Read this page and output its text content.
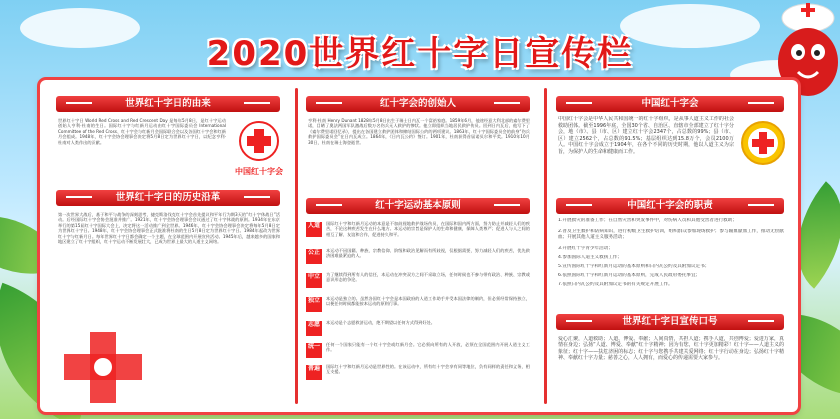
2020世界红十字日宣传栏
世界红十字日的由来
世界红十字日 World Red Cross and Red Crescent Day 是每年5月8日，是红十字运动创始人亨利·杜南的生日。国际红十字与红新月运动由红十字国际委员会 International Committee of the Red Cross、红十字会与红新月会国际联合会以及各国红十字会和红新月会组成。1948年，红十字会协会理事会决定将5月8日定为世界红十字日，以纪念亨利·杜南对人类作出的贡献。
中国红十字会
世界红十字日的历史沿革
第一次世界大战后，基于和平与战争的深刻思考，捷克斯洛伐克红十字会首先提议和平年行为期3天的“红十字休战日”活动。后经国际红十字会协会批准并推广。1921年，红十字会协会理事会会议通过了红十字休战的原则。1934年在东京举行的第15届红十字国际大会上，决定将这一活动推广到全世界。1946年，红十字会协会理事会决定将每年5月8日定为世界红十字日。1948年，红十字会协会理事会正式批准将杜南的生日5月8日定为世界红十字日。1984年起改为世界红十字与红新月日。每年世界红十字日都会确定一个主题，在全球范围内开展宣传活动。1945年后，越来越多的国家和地区建立了红十字组织，红十字运动不断发展壮大，已成为世界上最大的人道主义网络。
红十字会的创始人
亨利·杜南 Henry Dunant 1828年5月8日出生于瑞士日内瓦一个富裕家庭。1859年6月，他途经意大利北部的索尔费里诺，目睹了奥法两国军队激战后数万名伤兵无人救护的惨状。他立即组织当地居民救护伤员。回到日内瓦后，他写下了《索尔费里诺回忆录》，提出在各国建立救护团体和缔结国际公约的两项建议。1863年，红十字国际委员会的前身“伤兵救护国际委员会”在日内瓦成立。1864年，《日内瓦公约》签订。1901年，杜南获得首届诺贝尔和平奖。1910年10月30日，杜南在瑞士海登逝世。
红十字运动基本原则
人道	国际红十字和红新月运动的本意是不加歧视地救护战场伤员，在国际和国内两方面，努力防止并减轻人们的疾苦，不论这种疾苦发生在什么地方。本运动的宗旨是保护人的生命和健康，保障人类尊严；促进人与人之间的相互了解、友谊和合作，促进持久和平。
公正	本运动不因国籍、种族、宗教信仰、阶级和政治见解而有所歧视，仅根据需要，努力减轻人们的疾苦，优先救济困难最紧迫的人。
中立	为了继续得到所有人的信任，本运动在冲突双方之间不采取立场，任何时候也不参与带有政治、种族、宗教或意识形态的争论。
独立	本运动是独立的。虽然各国红十字会是本国政府的人道工作助手并受本国法律的制约，但必须经常保持独立，以便任何时候都能按本运动的原则行事。
志愿	本运动是个志愿救济运动，绝不期望以任何方式得到好处。
统一	任何一个国家只能有一个红十字会或红新月会。它必须向所有的人开放，必须在全国范围内开展人道主义工作。
普遍	国际红十字和红新月运动是世界性的。在该运动中，所有红十字会享有同等地位，负有同样的责任和义务，相互支援。
中国红十字会
中国红十字会是中华人民共和国统一的红十字组织，是从事人道主义工作的社会救助团体。截至1996年底，全国30个省、自治区、直辖市全部建立了红十字分会，地（市）、县（市、区）建立红十字会2347个，占总数的99%；县（市、区）建立2562个，占总数的91.5%；基层组织达到15.8万个，会员2100万人。中国红十字会成立于1904年，在各个不同的历史时期，他以人道主义为宗旨，为保护人的生命和健康而工作。
中国红十字会的职责
1.开展救灾的准备工作；在自然灾害和突发事件中，对伤病人员和其他受害者进行救助；
2.普及卫生救护和防病知识，进行初级卫生救护培训，组织群众参加现场救护；参与输血献血工作，推动无偿献血；开展其他人道主义服务活动；
3.开展红十字青少年活动；
4.参加国际人道主义救援工作；
5.宣传国际红十字和红新月运动的基本原则和日内瓦公约及其附加议定书；
6.依照国际红十字和红新月运动的基本原则，完成人民政府委托事宜；
7.依照日内瓦公约及其附加议定书的有关规定开展工作。
世界红十字日宣传口号
爱心汇聚，人道救助；人道、博爱、奉献；人间真情，共担人道；携手人道，共创博爱；爱进万家，真情在身边；弘扬“人道、博爱、奉献”红十字精神；因为有您，红十字更加精彩！红十字——人道主义的象征；红十字——扶危济困的标志；红十字与您携手共建关爱网络；红十字行动在身边；弘扬红十字精神、奉献红十字力量；慈善之心，人人拥有，而爱心的传递需要大家参与。
